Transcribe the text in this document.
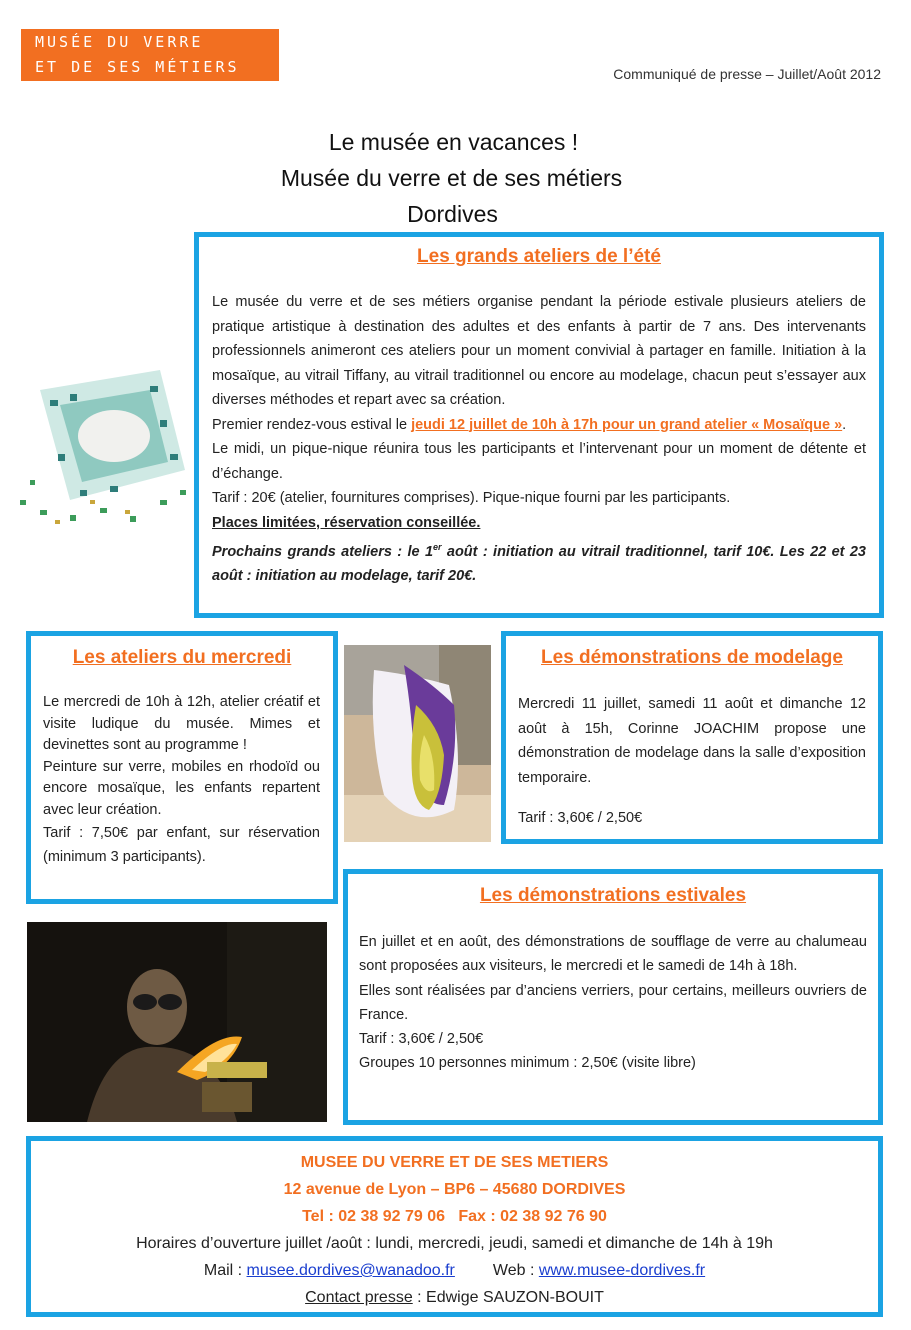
MUSÉE DU VERRE
ET DE SES MÉTIERS	Communiqué de presse – Juillet/Août 2012
Le musée en vacances !
Musée du verre et de ses métiers
Dordives
Les grands ateliers de l’été
Le musée du verre et de ses métiers organise pendant la période estivale plusieurs ateliers de pratique artistique à destination des adultes et des enfants à partir de 7 ans. Des intervenants professionnels animeront ces ateliers pour un moment convivial à partager en famille. Initiation à la mosaïque, au vitrail Tiffany, au vitrail traditionnel ou encore au modelage, chacun peut s’essayer aux diverses méthodes et repart avec sa création.
Premier rendez-vous estival le jeudi 12 juillet de 10h à 17h pour un grand atelier « Mosaïque ».
Le midi, un pique-nique réunira tous les participants et l’intervenant pour un moment de détente et d’échange.
Tarif : 20€ (atelier, fournitures comprises). Pique-nique fourni par les participants.
Places limitées, réservation conseillée.
Prochains grands ateliers : le 1er août : initiation au vitrail traditionnel, tarif 10€. Les 22 et 23 août : initiation au modelage, tarif 20€.
Les ateliers du mercredi
Le mercredi de 10h à 12h, atelier créatif et visite ludique du musée. Mimes et devinettes sont au programme !
Peinture sur verre, mobiles en rhodoïd ou encore mosaïque, les enfants repartent avec leur création.
Tarif : 7,50€ par enfant, sur réservation (minimum 3 participants).
Les démonstrations de modelage
Mercredi 11 juillet, samedi 11 août et dimanche 12 août à 15h, Corinne JOACHIM propose une démonstration de modelage dans la salle d’exposition temporaire.
Tarif : 3,60€ / 2,50€
Les démonstrations estivales
En juillet et en août, des démonstrations de soufflage de verre au chalumeau sont proposées aux visiteurs, le mercredi et le samedi de 14h à 18h.
Elles sont réalisées par d’anciens verriers, pour certains, meilleurs ouvriers de France.
Tarif : 3,60€ / 2,50€
Groupes 10 personnes minimum : 2,50€ (visite libre)
MUSEE DU VERRE ET DE SES METIERS
12 avenue de Lyon – BP6 – 45680 DORDIVES
Tel : 02 38 92 79 06   Fax : 02 38 92 76 90
Horaires d’ouverture juillet /août : lundi, mercredi, jeudi, samedi et dimanche de 14h à 19h
Mail : musee.dordives@wanadoo.fr Web : www.musee-dordives.fr
Contact presse : Edwige SAUZON-BOUIT
